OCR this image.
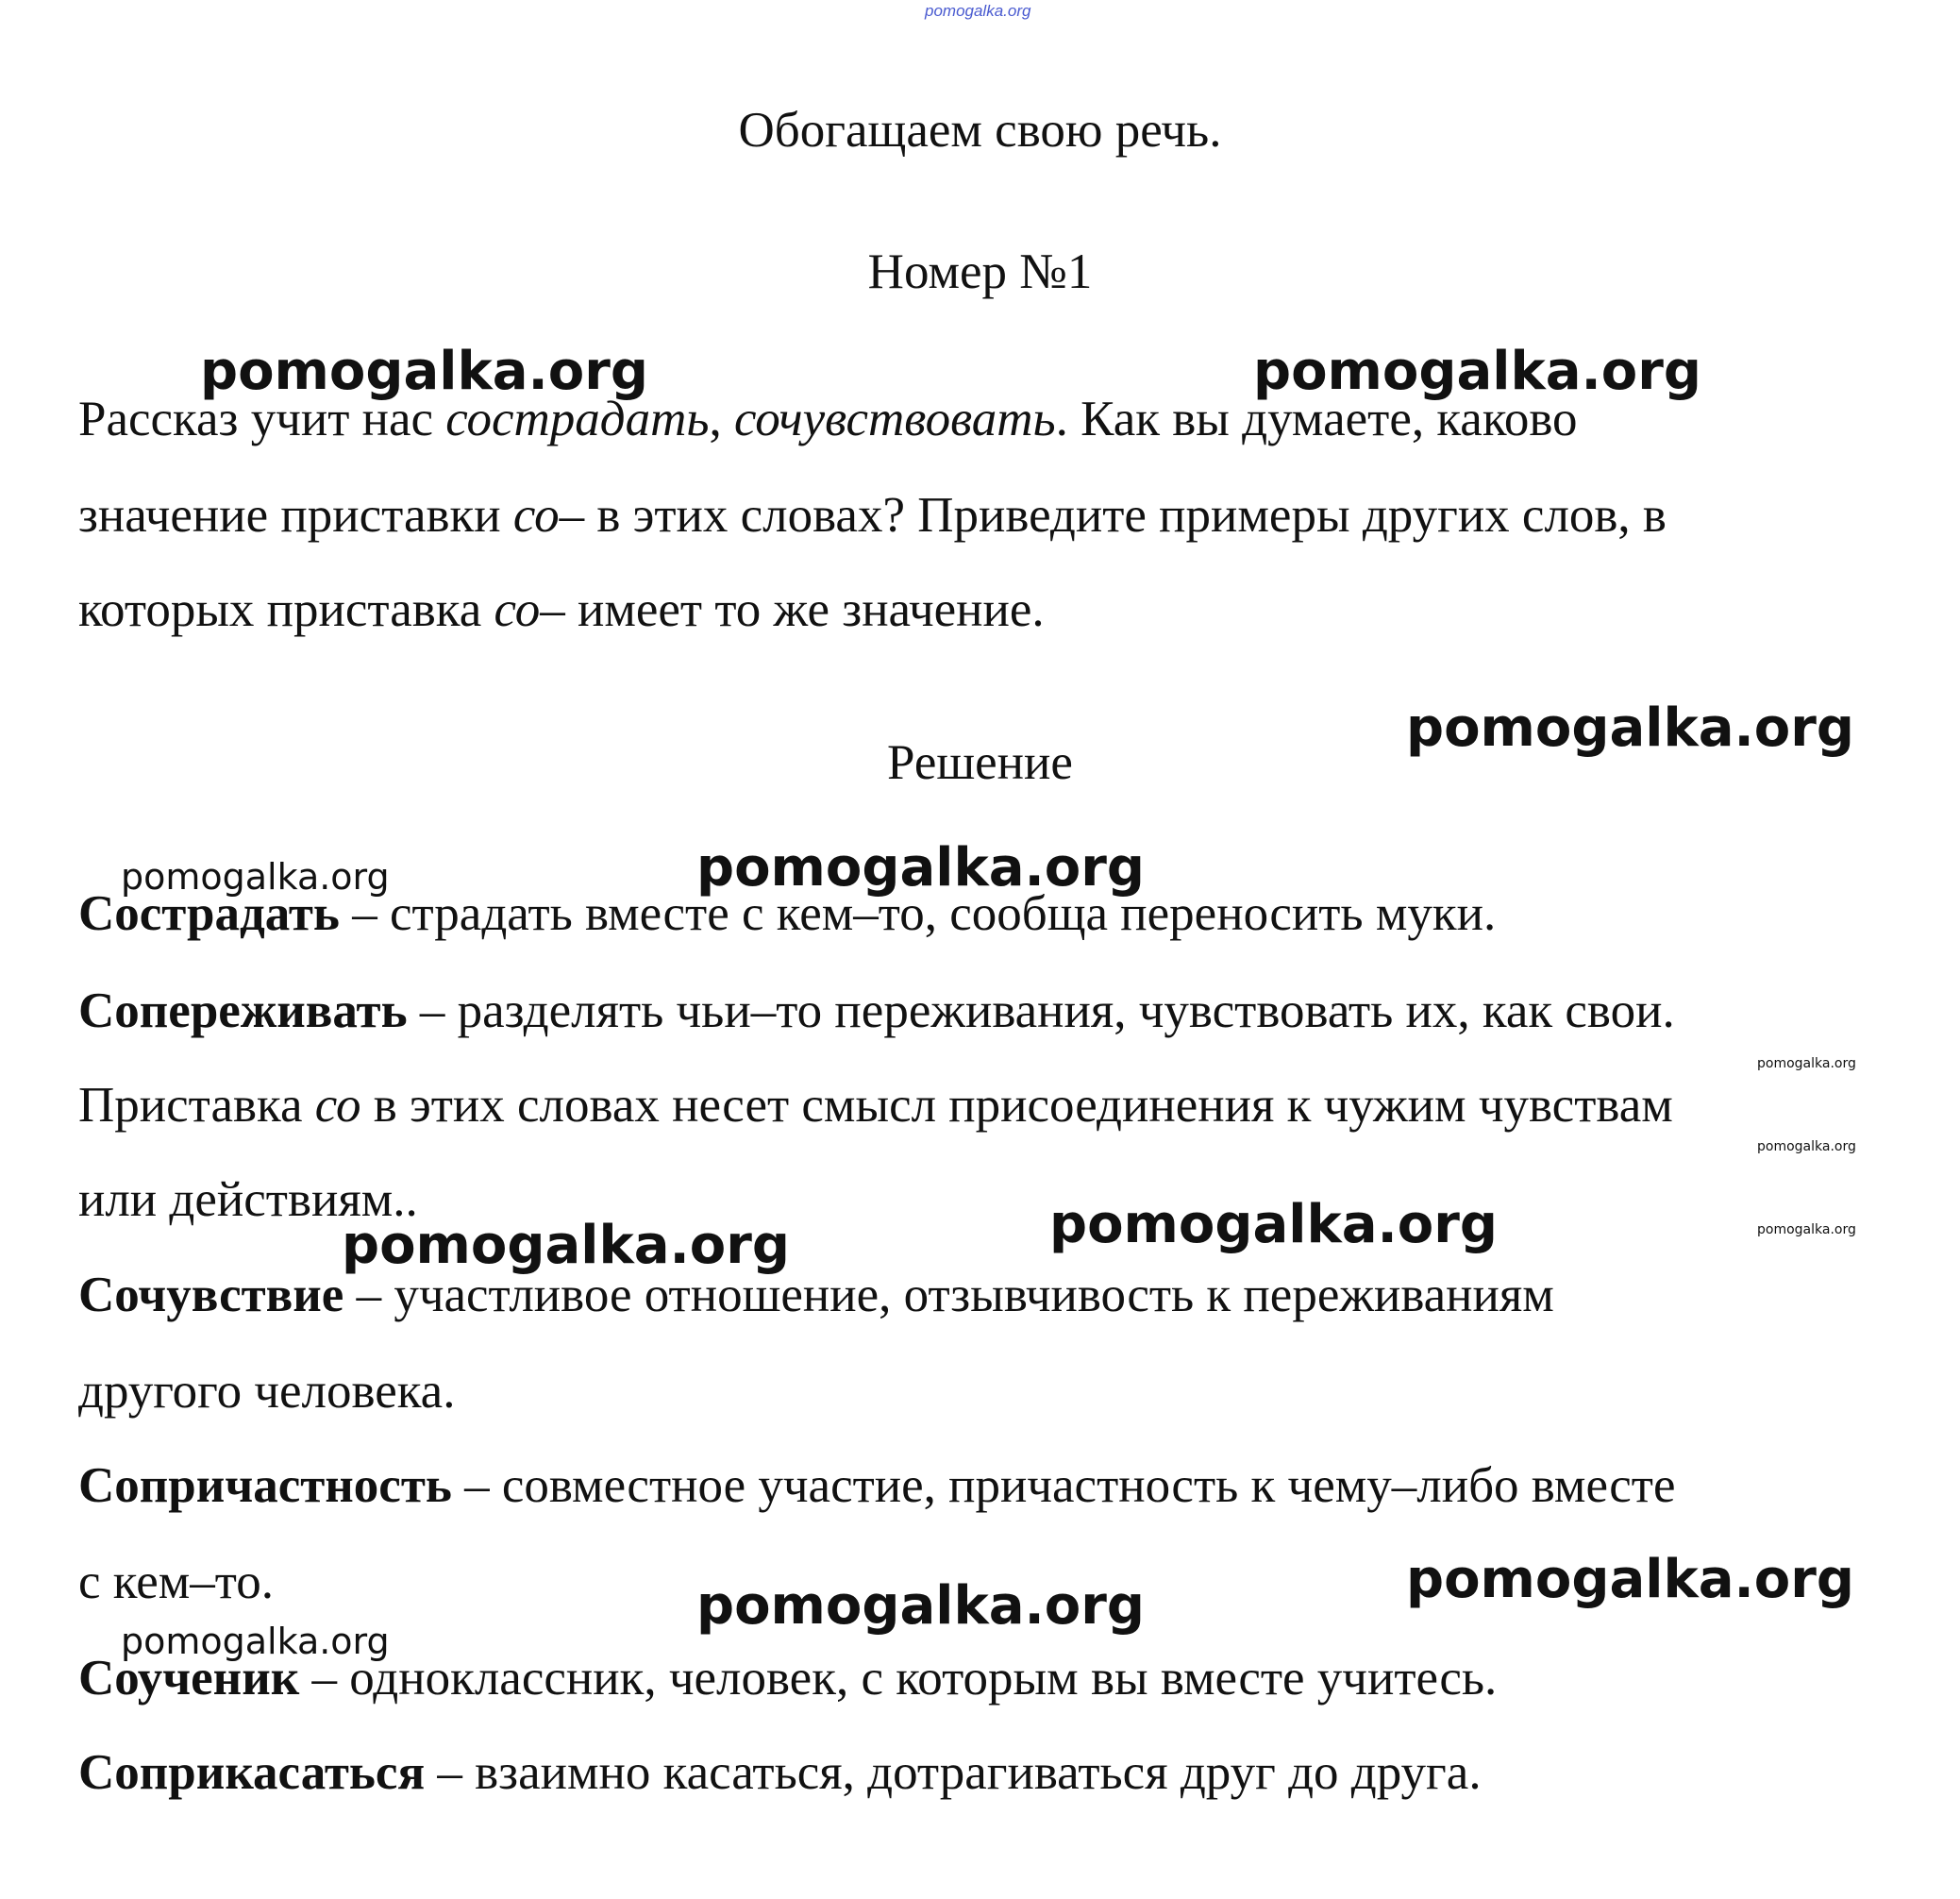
pomogalka.org
Обогащаем свою речь.
Номер №1
Рассказ учит нас сострадать, сочувствовать. Как вы думаете, каково
значение приставки со– в этих словах? Приведите примеры других слов, в
которых приставка со– имеет то же значение.
Решение
Сострадать – страдать вместе с кем–то, сообща переносить муки.
Сопереживать – разделять чьи–то переживания, чувствовать их, как свои.
Приставка со в этих словах несет смысл присоединения к чужим чувствам
или действиям..
Сочувствие – участливое отношение, отзывчивость к переживаниям
другого человека.
Сопричастность – совместное участие, причастность к чему–либо вместе
с кем–то.
Соученик – одноклассник, человек, с которым вы вместе учитесь.
Соприкасаться – взаимно касаться, дотрагиваться друг до друга.
pomogalka.org	pomogalka.org
pomogalka.org
pomogalka.org	pomogalka.org
pomogalka.org
pomogalka.org
pomogalka.org
pomogalka.org	pomogalka.org
pomogalka.org
pomogalka.org
pomogalka.org
